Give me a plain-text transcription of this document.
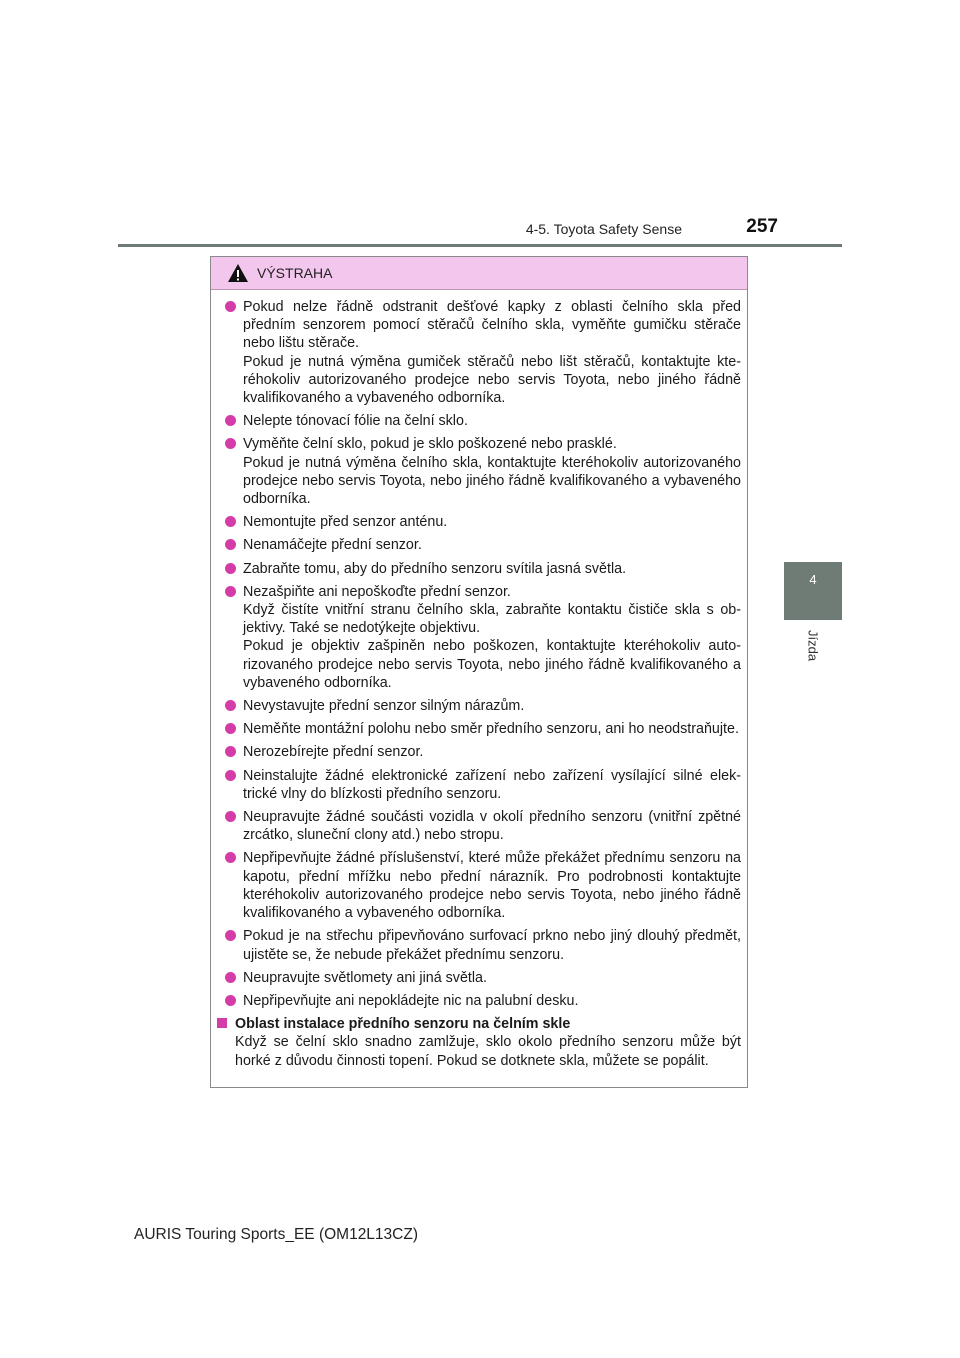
4-5. Toyota Safety Sense	257
4
Jízda
VÝSTRAHA

Pokud nelze řádně odstranit dešťové kapky z oblasti čelního skla před předním senzorem pomocí stěračů čelního skla, vyměňte gumičku stěrače nebo lištu stěrače.

Pokud je nutná výměna gumiček stěračů nebo lišt stěračů, kontaktujte kteréhokoliv autorizovaného prodejce nebo servis Toyota, nebo jiného řádně kvalifikovaného a vybaveného odborníka.

Nelepte tónovací fólie na čelní sklo.

Vyměňte čelní sklo, pokud je sklo poškozené nebo prasklé.

Pokud je nutná výměna čelního skla, kontaktujte kteréhokoliv autorizovaného prodejce nebo servis Toyota, nebo jiného řádně kvalifikovaného a vybaveného odborníka.

Nemontujte před senzor anténu.

Nenamáčejte přední senzor.

Zabraňte tomu, aby do předního senzoru svítila jasná světla.

Nezašpiňte ani nepoškoďte přední senzor.

Když čistíte vnitřní stranu čelního skla, zabraňte kontaktu čističe skla s objektivy. Také se nedotýkejte objektivu.

Pokud je objektiv zašpiněn nebo poškozen, kontaktujte kteréhokoliv autorizovaného prodejce nebo servis Toyota, nebo jiného řádně kvalifikovaného a vybaveného odborníka.

Nevystavujte přední senzor silným nárazům.

Neměňte montážní polohu nebo směr předního senzoru, ani ho neodstraňujte.

Nerozebírejte přední senzor.

Neinstalujte žádné elektronické zařízení nebo zařízení vysílající silné elektrické vlny do blízkosti předního senzoru.

Neupravujte žádné součásti vozidla v okolí předního senzoru (vnitřní zpětné zrcátko, sluneční clony atd.) nebo stropu.

Nepřipevňujte žádné příslušenství, které může překážet přednímu senzoru na kapotu, přední mřížku nebo přední nárazník. Pro podrobnosti kontaktujte kteréhokoliv autorizovaného prodejce nebo servis Toyota, nebo jiného řádně kvalifikovaného a vybaveného odborníka.

Pokud je na střechu připevňováno surfovací prkno nebo jiný dlouhý předmět, ujistěte se, že nebude překážet přednímu senzoru.

Neupravujte světlomety ani jiná světla.

Nepřipevňujte ani nepokládejte nic na palubní desku.

Oblast instalace předního senzoru na čelním skle

Když se čelní sklo snadno zamlžuje, sklo okolo předního senzoru může být horké z důvodu činnosti topení. Pokud se dotknete skla, můžete se popálit.

AURIS Touring Sports_EE (OM12L13CZ)
